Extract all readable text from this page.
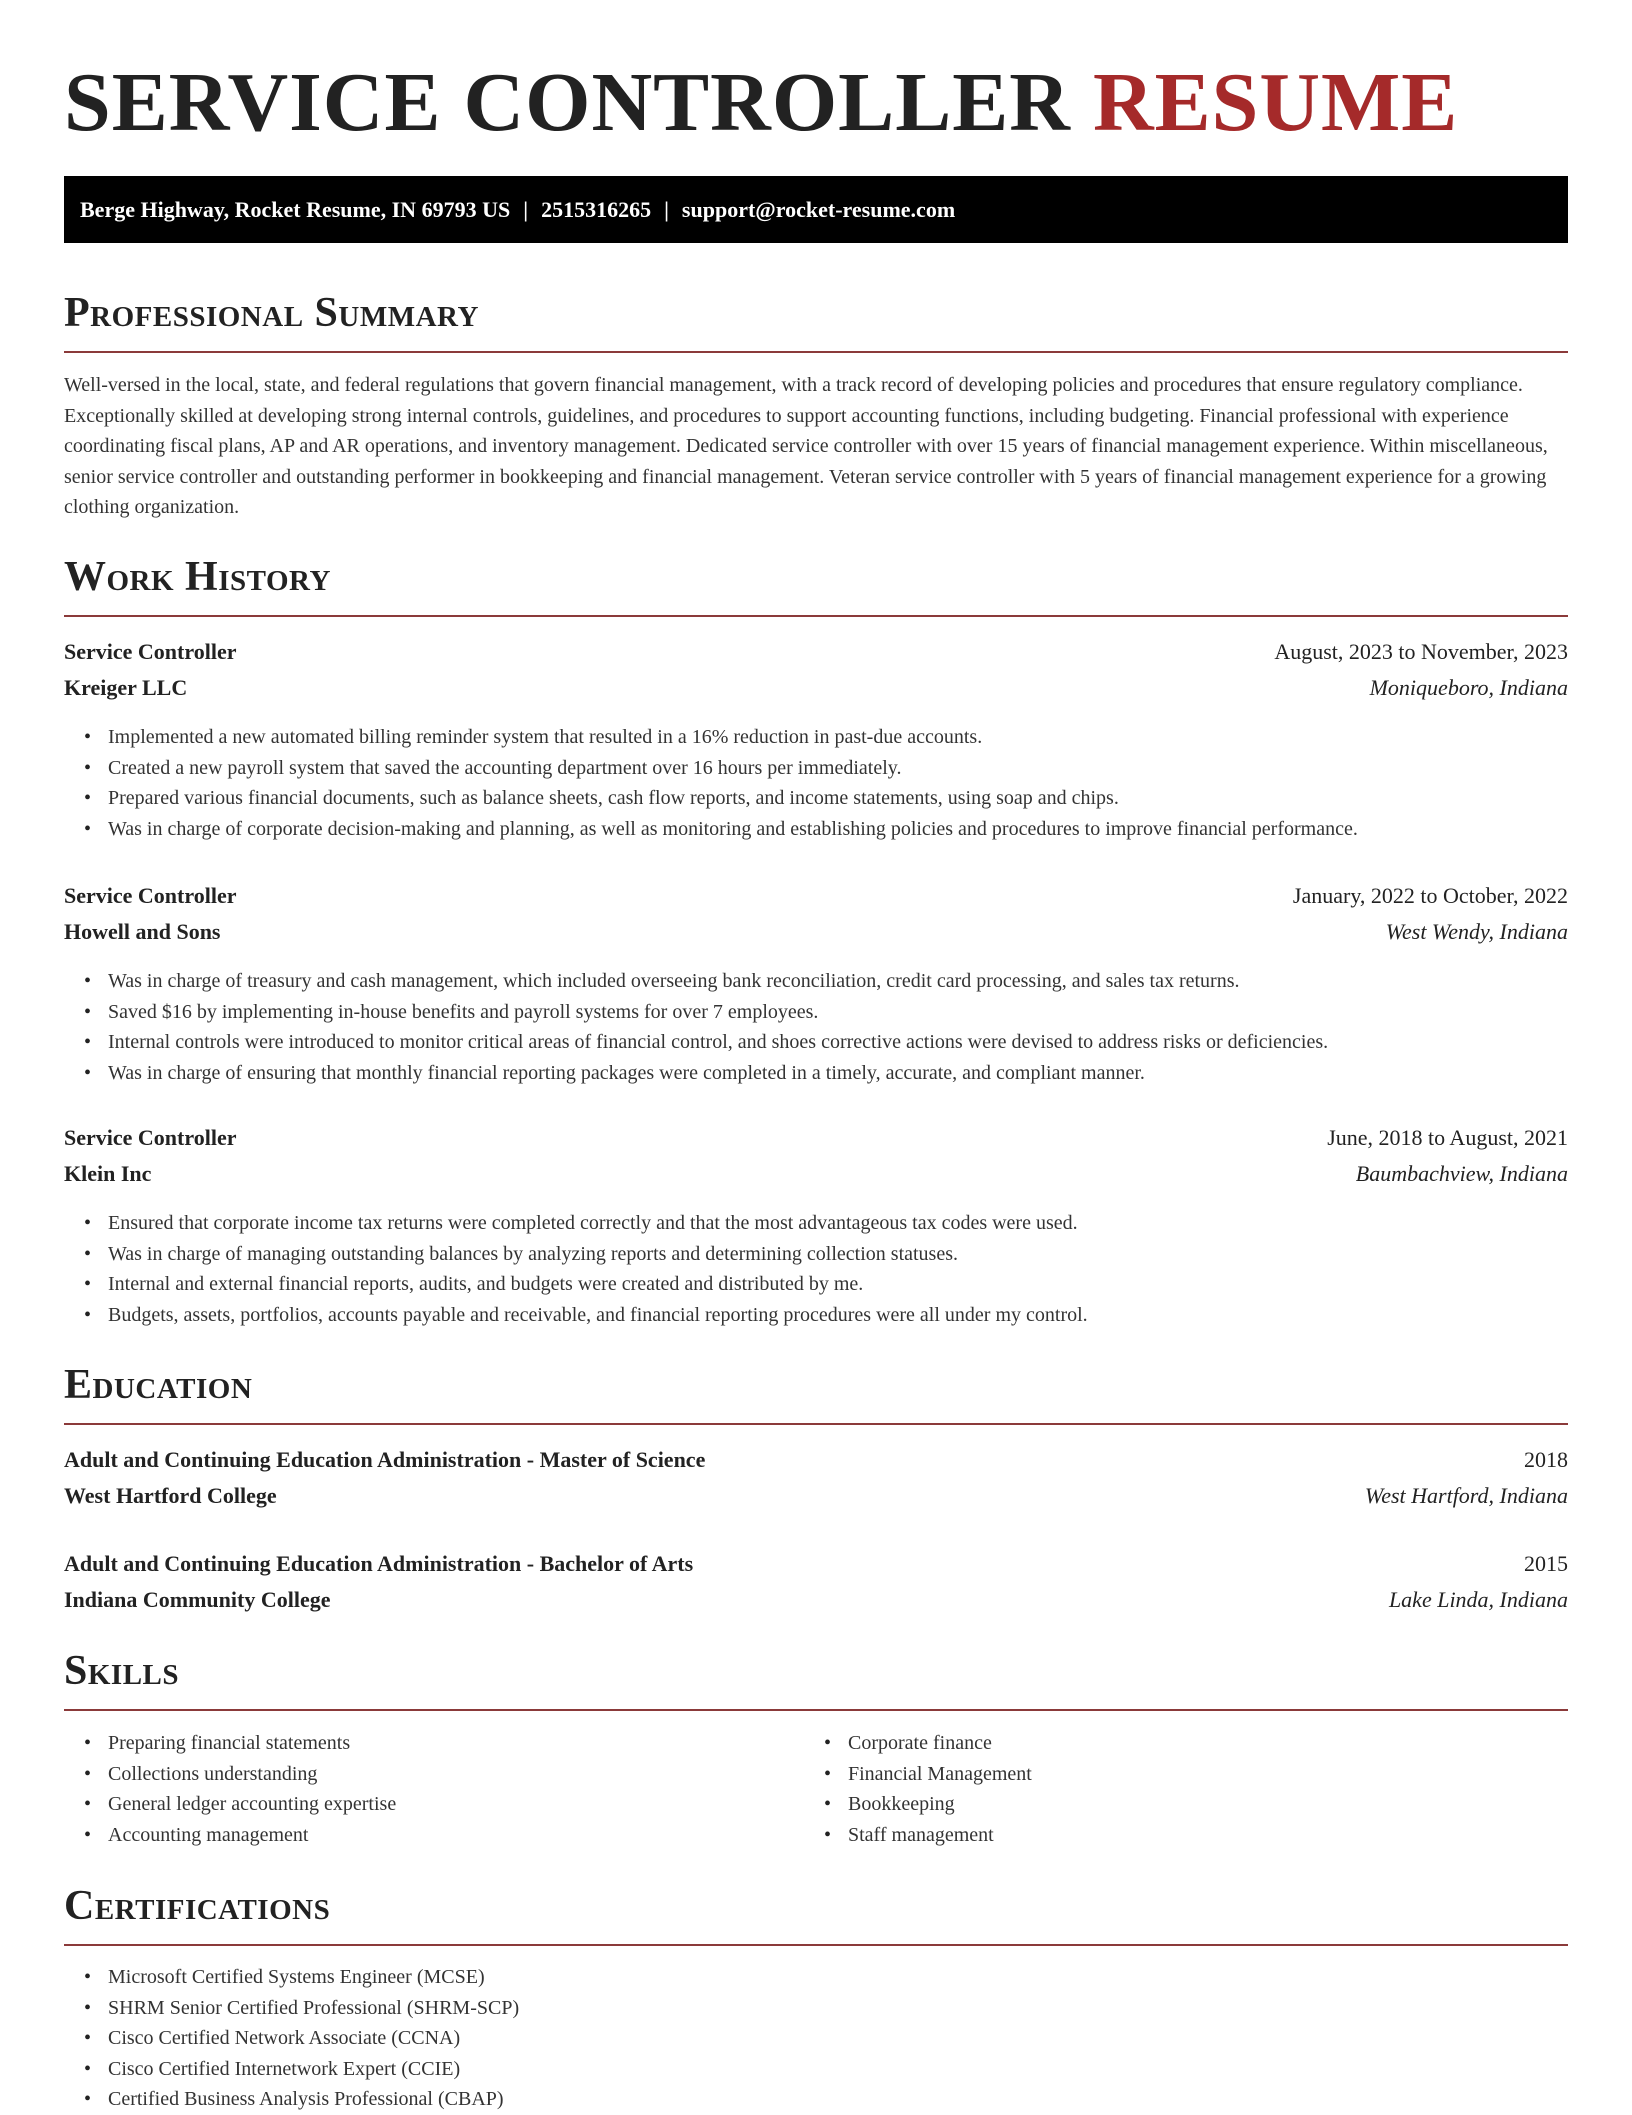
SERVICE CONTROLLER RESUME
Berge Highway, Rocket Resume, IN 69793 US | 2515316265 | support@rocket-resume.com
Professional Summary

Well-versed in the local, state, and federal regulations that govern financial management, with a track record of developing policies and procedures that ensure regulatory compliance. Exceptionally skilled at developing strong internal controls, guidelines, and procedures to support accounting functions, including budgeting. Financial professional with experience coordinating fiscal plans, AP and AR operations, and inventory management. Dedicated service controller with over 15 years of financial management experience. Within miscellaneous, senior service controller and outstanding performer in bookkeeping and financial management. Veteran service controller with 5 years of financial management experience for a growing clothing organization.

Work History
Service Controller	August, 2023 to November, 2023
Kreiger LLC	Moniqueboro, Indiana
• Implemented a new automated billing reminder system that resulted in a 16% reduction in past-due accounts.
• Created a new payroll system that saved the accounting department over 16 hours per immediately.
• Prepared various financial documents, such as balance sheets, cash flow reports, and income statements, using soap and chips.
• Was in charge of corporate decision-making and planning, as well as monitoring and establishing policies and procedures to improve financial performance.
Service Controller	January, 2022 to October, 2022
Howell and Sons	West Wendy, Indiana
• Was in charge of treasury and cash management, which included overseeing bank reconciliation, credit card processing, and sales tax returns.
• Saved $16 by implementing in-house benefits and payroll systems for over 7 employees.
• Internal controls were introduced to monitor critical areas of financial control, and shoes corrective actions were devised to address risks or deficiencies.
• Was in charge of ensuring that monthly financial reporting packages were completed in a timely, accurate, and compliant manner.
Service Controller	June, 2018 to August, 2021
Klein Inc	Baumbachview, Indiana
• Ensured that corporate income tax returns were completed correctly and that the most advantageous tax codes were used.
• Was in charge of managing outstanding balances by analyzing reports and determining collection statuses.
• Internal and external financial reports, audits, and budgets were created and distributed by me.
• Budgets, assets, portfolios, accounts payable and receivable, and financial reporting procedures were all under my control.
Education
Adult and Continuing Education Administration - Master of Science	2018
West Hartford College	West Hartford, Indiana
Adult and Continuing Education Administration - Bachelor of Arts	2015
Indiana Community College	Lake Linda, Indiana
Skills
• Preparing financial statements
• Collections understanding
• General ledger accounting expertise
• Accounting management
• Corporate finance
• Financial Management
• Bookkeeping
• Staff management
Certifications
• Microsoft Certified Systems Engineer (MCSE)
• SHRM Senior Certified Professional (SHRM-SCP)
• Cisco Certified Network Associate (CCNA)
• Cisco Certified Internetwork Expert (CCIE)
• Certified Business Analysis Professional (CBAP)
